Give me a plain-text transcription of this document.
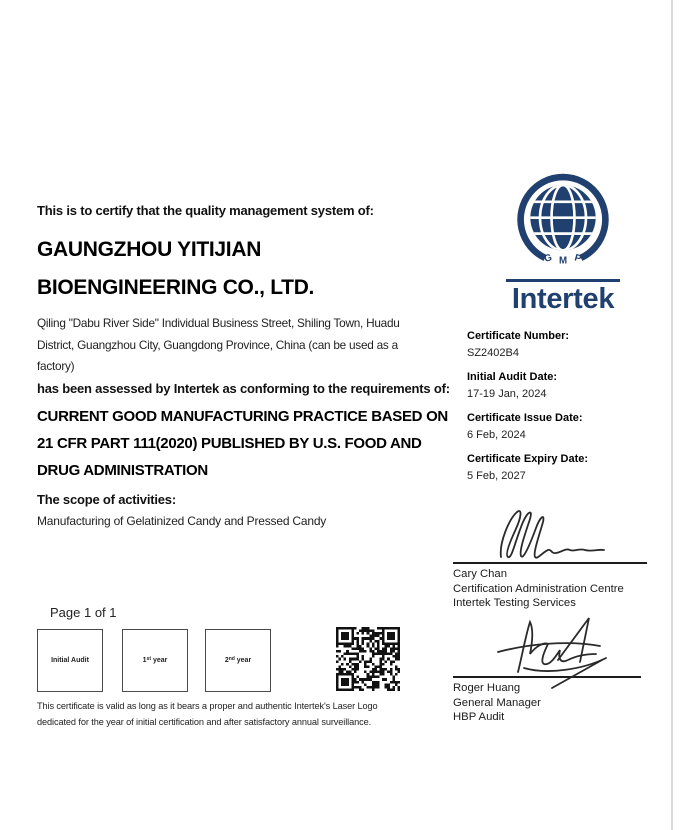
This is to certify that the quality management system of:
GAUNGZHOU YITIJIAN
BIOENGINEERING CO., LTD.
Qiling "Dabu River Side" Individual Business Street, Shiling Town, Huadu
District, Guangzhou City, Guangdong Province, China (can be used as a
factory)
has been assessed by Intertek as conforming to the requirements of:
CURRENT GOOD MANUFACTURING PRACTICE BASED ON
21 CFR PART 111(2020) PUBLISHED BY U.S. FOOD AND
DRUG ADMINISTRATION
The scope of activities:
Manufacturing of Gelatinized Candy and Pressed Candy
Page 1 of 1
Initial Audit	1st year	2nd year
This certificate is valid as long as it bears a proper and authentic Intertek's Laser Logo
dedicated for the year of initial certification and after satisfactory annual surveillance.
G M P
Intertek
Certificate Number:
SZ2402B4
Initial Audit Date:
17-19 Jan, 2024
Certificate Issue Date:
6 Feb, 2024
Certificate Expiry Date:
5 Feb, 2027
Cary Chan
Certification Administration Centre
Intertek Testing Services
Roger Huang
General Manager
HBP Audit
